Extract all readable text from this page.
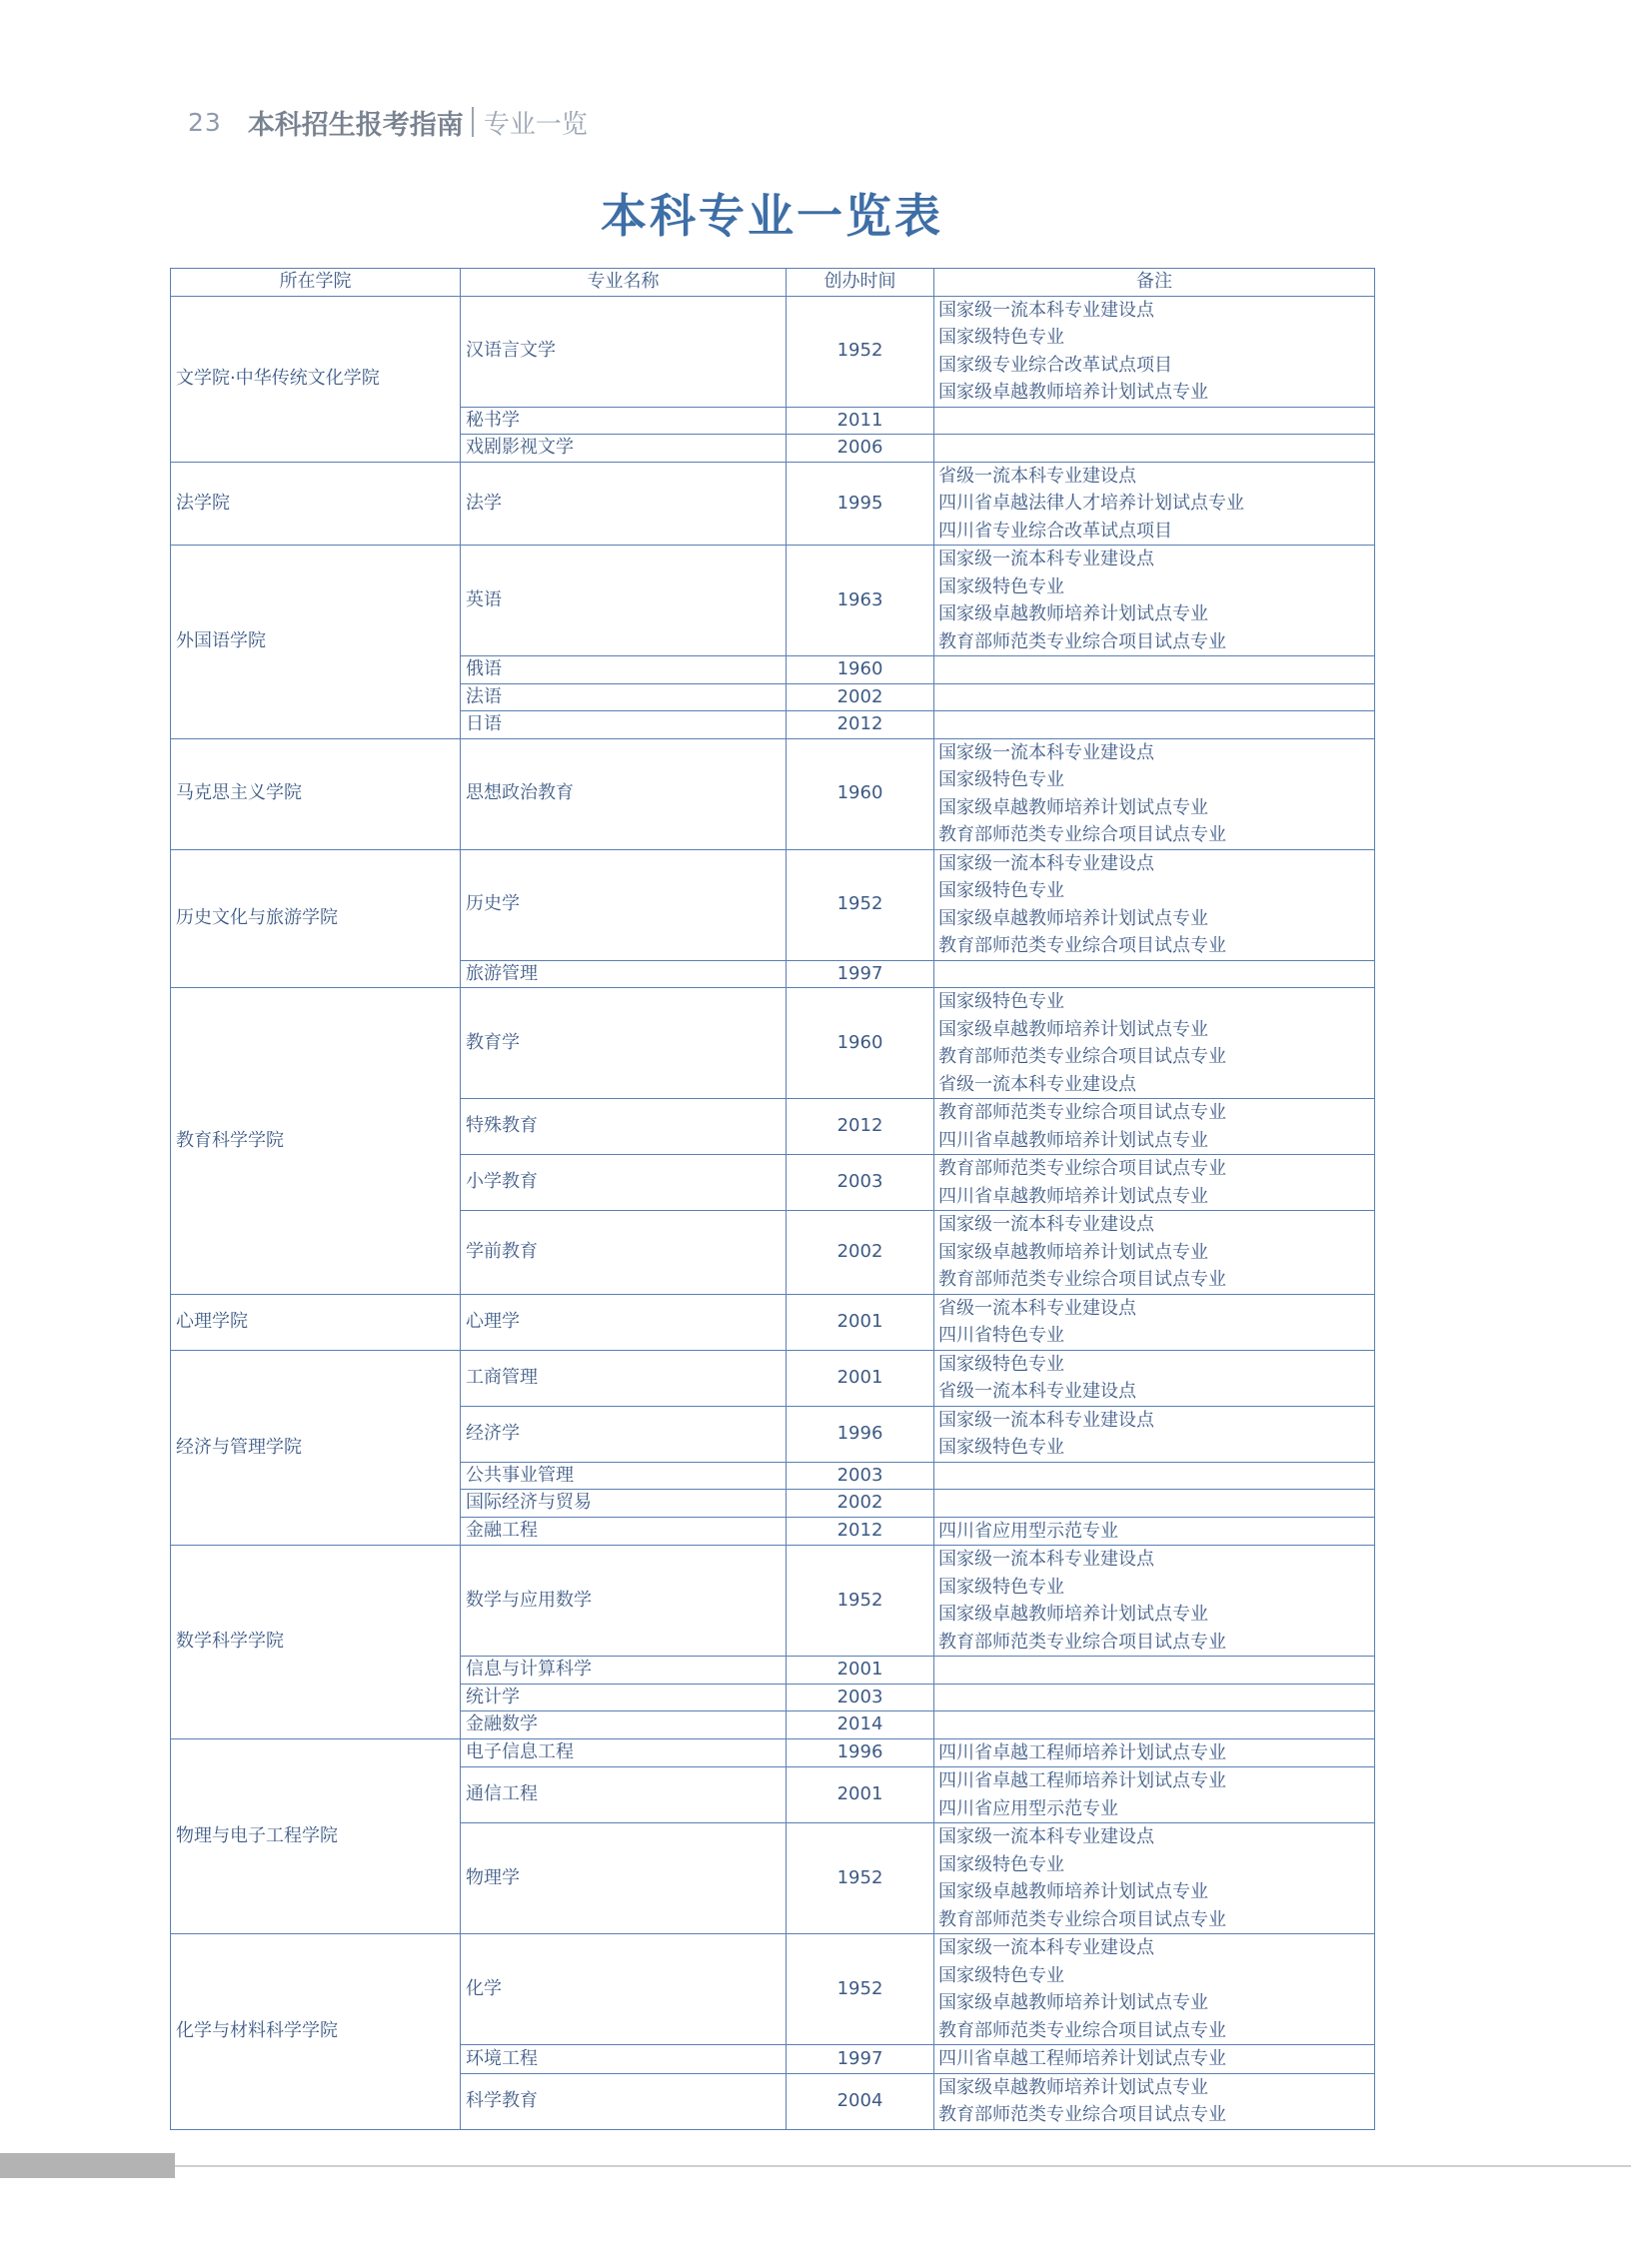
23 本科招生报考指南 专业一览
本科专业一览表
所在学院	专业名称	创办时间	备注
文学院·中华传统文化学院	汉语言文学	1952	国家级一流本科专业建设点
国家级特色专业
国家级专业综合改革试点项目
国家级卓越教师培养计划试点专业

	秘书学	2011	
	戏剧影视文学	2006	
法学院	法学	1995	省级一流本科专业建设点
四川省卓越法律人才培养计划试点专业
四川省专业综合改革试点项目

外国语学院	英语	1963	国家级一流本科专业建设点
国家级特色专业
国家级卓越教师培养计划试点专业
教育部师范类专业综合项目试点专业

	俄语	1960	
	法语	2002	
	日语	2012	
马克思主义学院	思想政治教育	1960	国家级一流本科专业建设点
国家级特色专业
国家级卓越教师培养计划试点专业
教育部师范类专业综合项目试点专业

历史文化与旅游学院	历史学	1952	国家级一流本科专业建设点
国家级特色专业
国家级卓越教师培养计划试点专业
教育部师范类专业综合项目试点专业

	旅游管理	1997	
教育科学学院	教育学	1960	国家级特色专业
国家级卓越教师培养计划试点专业
教育部师范类专业综合项目试点专业
省级一流本科专业建设点

	特殊教育	2012	教育部师范类专业综合项目试点专业
四川省卓越教师培养计划试点专业

	小学教育	2003	教育部师范类专业综合项目试点专业
四川省卓越教师培养计划试点专业

	学前教育	2002	国家级一流本科专业建设点
国家级卓越教师培养计划试点专业
教育部师范类专业综合项目试点专业

心理学院	心理学	2001	省级一流本科专业建设点
四川省特色专业

经济与管理学院	工商管理	2001	国家级特色专业
省级一流本科专业建设点

	经济学	1996	国家级一流本科专业建设点
国家级特色专业

	公共事业管理	2003	
	国际经济与贸易	2002	
	金融工程	2012	四川省应用型示范专业

数学科学学院	数学与应用数学	1952	国家级一流本科专业建设点
国家级特色专业
国家级卓越教师培养计划试点专业
教育部师范类专业综合项目试点专业

	信息与计算科学	2001	
	统计学	2003	
	金融数学	2014	
物理与电子工程学院	电子信息工程	1996	四川省卓越工程师培养计划试点专业

	通信工程	2001	四川省卓越工程师培养计划试点专业
四川省应用型示范专业

	物理学	1952	国家级一流本科专业建设点
国家级特色专业
国家级卓越教师培养计划试点专业
教育部师范类专业综合项目试点专业

化学与材料科学学院	化学	1952	国家级一流本科专业建设点
国家级特色专业
国家级卓越教师培养计划试点专业
教育部师范类专业综合项目试点专业

	环境工程	1997	四川省卓越工程师培养计划试点专业

	科学教育	2004	国家级卓越教师培养计划试点专业
教育部师范类专业综合项目试点专业
